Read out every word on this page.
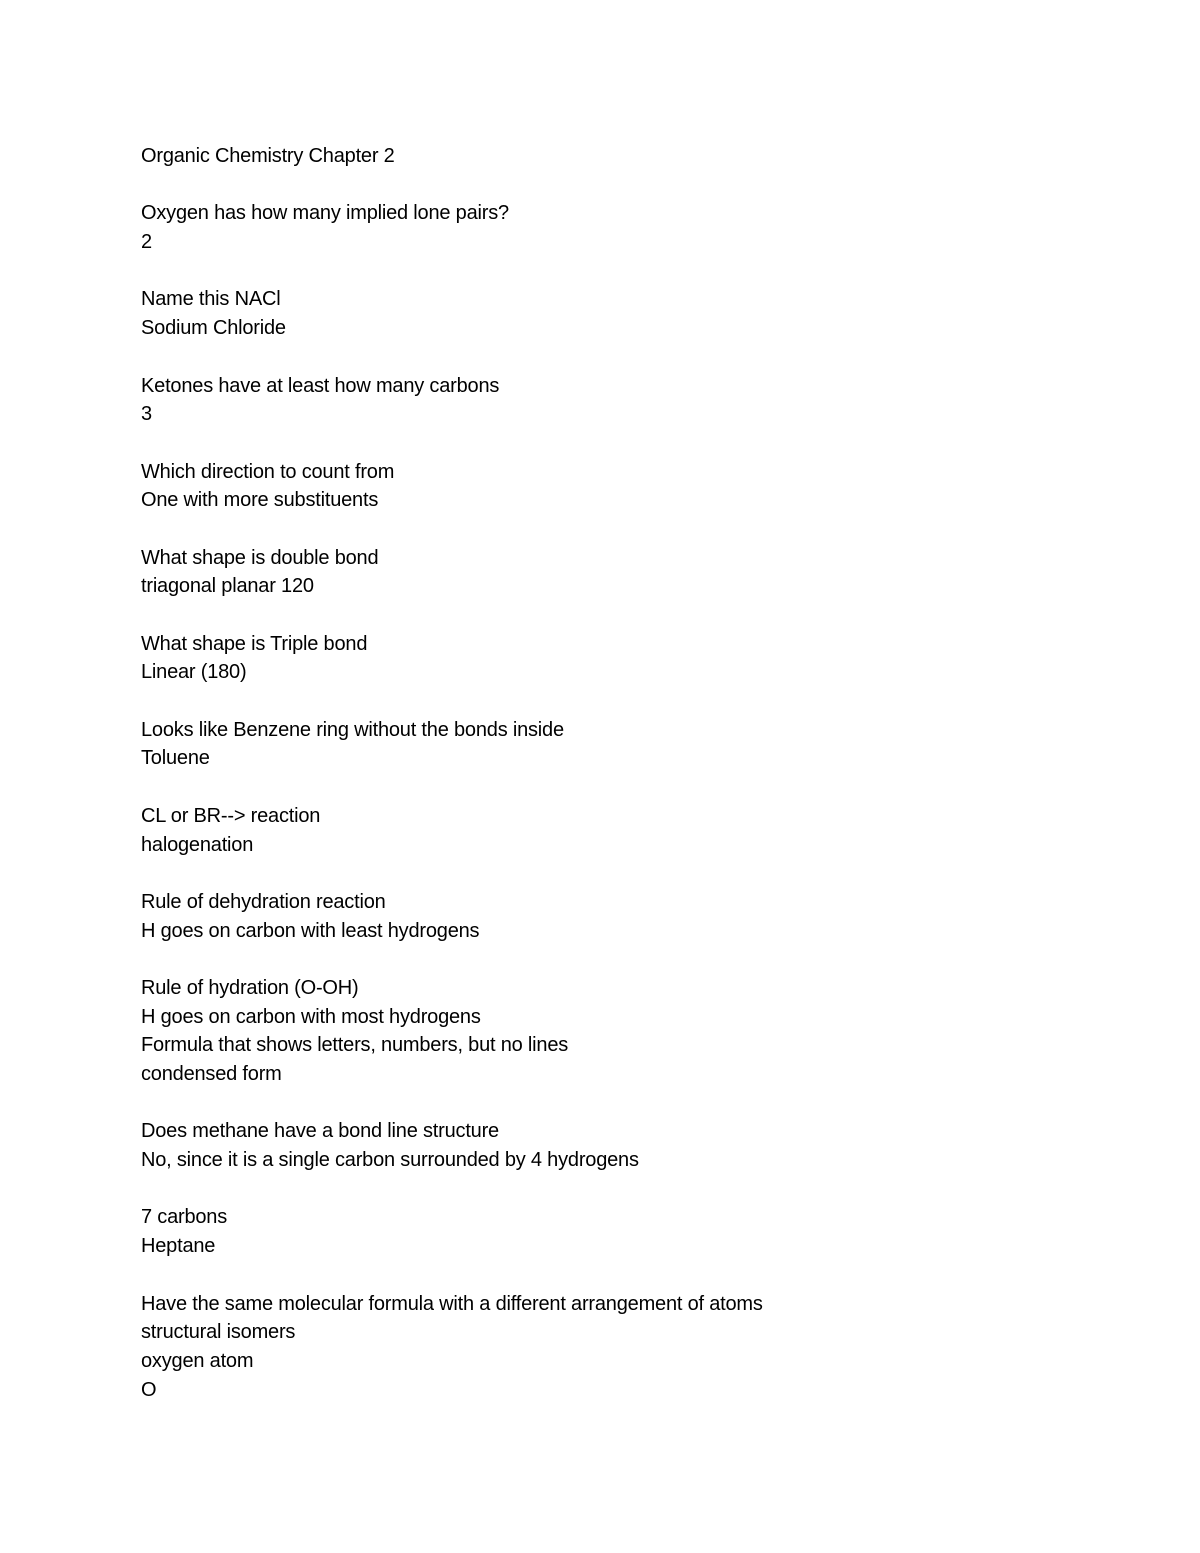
Organic Chemistry Chapter 2
Oxygen has how many implied lone pairs?
2
Name this NACl
Sodium Chloride
Ketones have at least how many carbons
3
Which direction to count from
One with more substituents
What shape is double bond
triagonal planar 120
What shape is Triple bond
Linear (180)
Looks like Benzene ring without the bonds inside
Toluene
CL or BR--> reaction
halogenation
Rule of dehydration reaction
H goes on carbon with least hydrogens
Rule of hydration (O-OH)
H goes on carbon with most hydrogens
Formula that shows letters, numbers, but no lines
condensed form
Does methane have a bond line structure
No, since it is a single carbon surrounded by 4 hydrogens
7 carbons
Heptane
Have the same molecular formula with a different arrangement of atoms
structural isomers
oxygen atom
O
